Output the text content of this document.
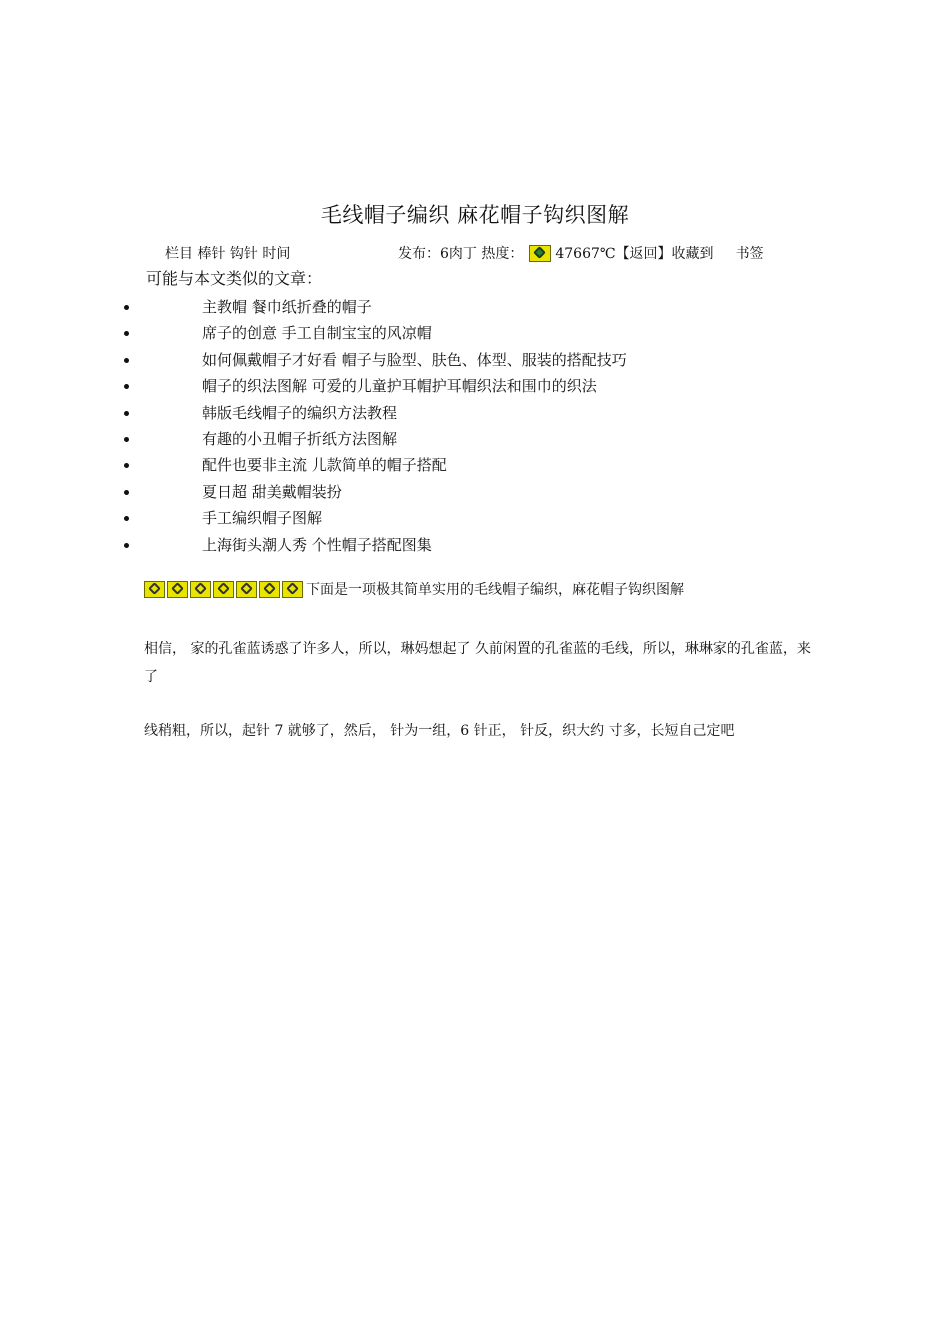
毛线帽子编织 麻花帽子钩织图解
栏目 棒针 钩针 时间	发布：6肉丁 热度： 47667℃【返回】收藏到 书签
可能与本文类似的文章：
主教帽 餐巾纸折叠的帽子
席子的创意 手工自制宝宝的风凉帽
如何佩戴帽子才好看 帽子与脸型、肤色、体型、服装的搭配技巧
帽子的织法图解 可爱的儿童护耳帽护耳帽织法和围巾的织法
韩版毛线帽子的编织方法教程
有趣的小丑帽子折纸方法图解
配件也要非主流 儿款简单的帽子搭配
夏日超 甜美戴帽装扮
手工编织帽子图解
上海街头潮人秀 个性帽子搭配图集
下面是一项极其简单实用的毛线帽子编织，麻花帽子钩织图解
相信， 家的孔雀蓝诱惑了许多人，所以，琳妈想起了 久前闲置的孔雀蓝的毛线，所以，琳琳家的孔雀蓝，来了
线稍粗，所以，起针 7 就够了，然后， 针为一组，6 针正， 针反，织大约 寸多，长短自己定吧
